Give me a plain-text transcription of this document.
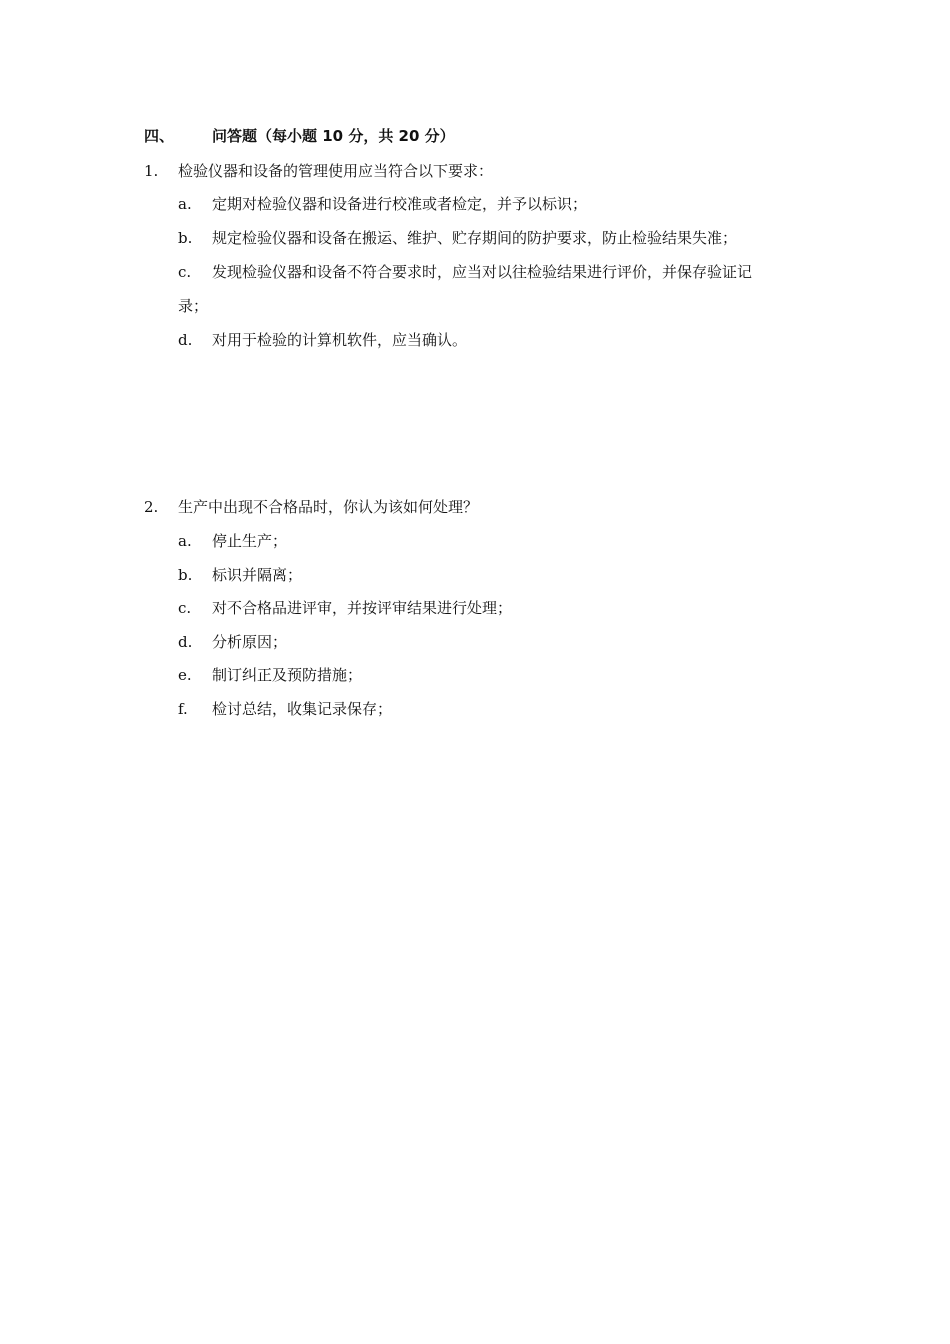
四、	问答题（每小题 10 分，共 20 分）
1. 检验仪器和设备的管理使用应当符合以下要求：
a. 定期对检验仪器和设备进行校准或者检定，并予以标识；
b. 规定检验仪器和设备在搬运、维护、贮存期间的防护要求，防止检验结果失准；
c. 发现检验仪器和设备不符合要求时，应当对以往检验结果进行评价，并保存验证记
录；
d. 对用于检验的计算机软件，应当确认。
2. 生产中出现不合格品时，你认为该如何处理？
a. 停止生产；
b. 标识并隔离；
c. 对不合格品进评审，并按评审结果进行处理；
d. 分析原因；
e. 制订纠正及预防措施；
f. 检讨总结，收集记录保存；
